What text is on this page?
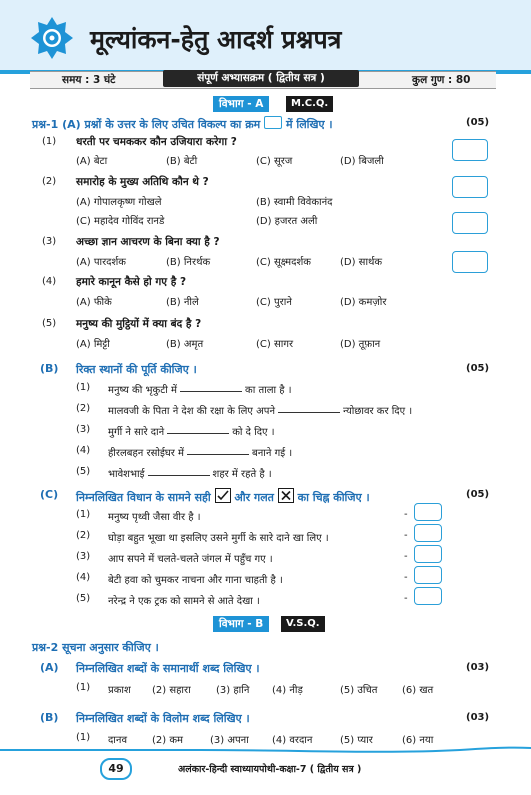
मूल्यांकन-हेतु आदर्श प्रश्नपत्र
समय : 3 घंटे	संपूर्ण अभ्यासक्रम ( द्वितीय सत्र )	कुल गुण : 80
विभाग - A	M.C.Q.
प्रश्न-1 (A) प्रश्नों के उत्तर के लिए उचित विकल्प का क्रम में लिखिए ।	(05)
(1) धरती पर चमककर कौन उजियारा करेगा ?
(A) बेटा	(B) बेटी	(C) सूरज	(D) बिजली
(2) समारोह के मुख्य अतिथि कौन थे ?
(A) गोपालकृष्ण गोखले	(B) स्वामी विवेकानंद
(C) महादेव गोविंद रानडे	(D) हजरत अली
(3) अच्छा ज्ञान आचरण के बिना क्या है ?
(A) पारदर्शक	(B) निरर्थक	(C) सूक्ष्मदर्शक	(D) सार्थक
(4) हमारे कानून कैसे हो गए है ?
(A) फीके	(B) नीले	(C) पुराने	(D) कमज़ोर
(5) मनुष्य की मुट्ठियों में क्या बंद है ?
(A) मिट्टी	(B) अमृत	(C) सागर	(D) तूफ़ान
(B) रिक्त स्थानों की पूर्ति कीजिए ।	(05)
(1) मनुष्य की भृकुटी में	का ताला है ।
(2) मालवजी के पिता ने देश की रक्षा के लिए अपने	न्योछावर कर दिए ।
(3) मुर्गी ने सारे दाने	को दे दिए ।
(4) हीरलबहन रसोईघर में	बनाने गई ।
(5) भावेशभाई	शहर में रहते है ।
(C) निम्नलिखित विधान के सामने सही और गलत ☒ का चिह्न कीजिए ।	(05)
(1) मनुष्य पृथ्वी जैसा वीर है ।	-
(2) घोड़ा बहुत भूखा था इसलिए उसने मुर्गी के सारे दाने खा लिए ।	-
(3) आप सपने में चलते-चलते जंगल में पहुँच गए ।	-
(4) बेटी हवा को चुमकर नाचना और गाना चाहती है ।	-
(5) नरेन्द्र ने एक ट्रक को सामने से आते देखा ।	-
विभाग - B	V.S.Q.
प्रश्न-2 सूचना अनुसार कीजिए ।
(A) निम्नलिखित शब्दों के समानार्थी शब्द लिखिए ।	(03)
(1) प्रकाश (2) सहारा	(3) हानि (4) नीड़	(5) उचित (6) खत
(B) निम्नलिखित शब्दों के विलोम शब्द लिखिए ।	(03)
(1) दानव (2) कम	(3) अपना (4) वरदान	(5) प्यार	(6) नया
49	अलंकार-हिन्दी स्वाध्यायपोथी-कक्षा-7 ( द्वितीय सत्र )
